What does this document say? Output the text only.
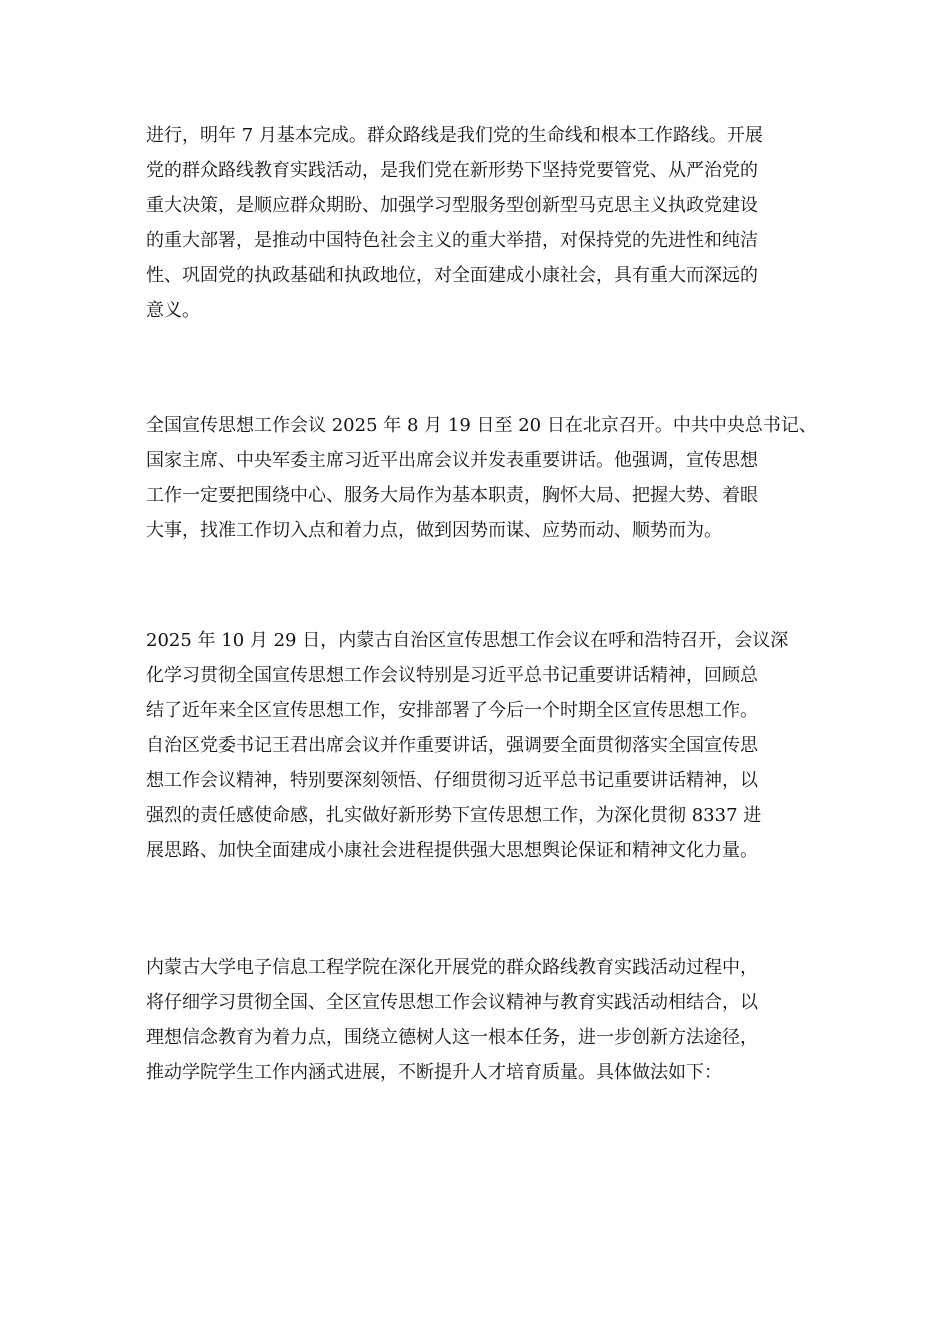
进行，明年 7 月基本完成。群众路线是我们党的生命线和根本工作路线。开展
党的群众路线教育实践活动，是我们党在新形势下坚持党要管党、从严治党的
重大决策，是顺应群众期盼、加强学习型服务型创新型马克思主义执政党建设
的重大部署，是推动中国特色社会主义的重大举措，对保持党的先进性和纯洁
性、巩固党的执政基础和执政地位，对全面建成小康社会，具有重大而深远的
意义。
全国宣传思想工作会议 2025 年 8 月 19 日至 20 日在北京召开。中共中央总书记、
国家主席、中央军委主席习近平出席会议并发表重要讲话。他强调，宣传思想
工作一定要把围绕中心、服务大局作为基本职责，胸怀大局、把握大势、着眼
大事，找准工作切入点和着力点，做到因势而谋、应势而动、顺势而为。
2025 年 10 月 29 日，内蒙古自治区宣传思想工作会议在呼和浩特召开，会议深
化学习贯彻全国宣传思想工作会议特别是习近平总书记重要讲话精神，回顾总
结了近年来全区宣传思想工作，安排部署了今后一个时期全区宣传思想工作。
自治区党委书记王君出席会议并作重要讲话，强调要全面贯彻落实全国宣传思
想工作会议精神，特别要深刻领悟、仔细贯彻习近平总书记重要讲话精神，以
强烈的责任感使命感，扎实做好新形势下宣传思想工作，为深化贯彻 8337 进
展思路、加快全面建成小康社会进程提供强大思想舆论保证和精神文化力量。
内蒙古大学电子信息工程学院在深化开展党的群众路线教育实践活动过程中，
将仔细学习贯彻全国、全区宣传思想工作会议精神与教育实践活动相结合，以
理想信念教育为着力点，围绕立德树人这一根本任务，进一步创新方法途径，
推动学院学生工作内涵式进展，不断提升人才培育质量。具体做法如下：
